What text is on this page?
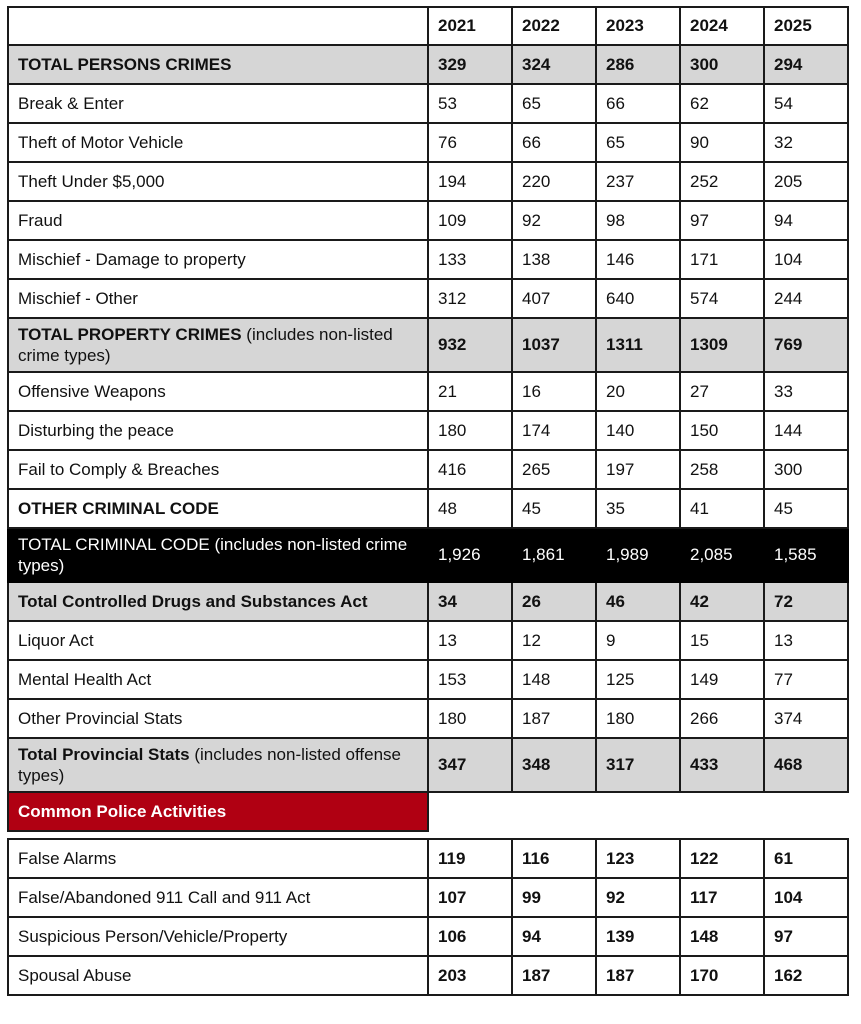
	2021	2022	2023	2024	2025
TOTAL PERSONS CRIMES	329	324	286	300	294
Break & Enter	53	65	66	62	54
Theft of Motor Vehicle	76	66	65	90	32
Theft Under $5,000	194	220	237	252	205
Fraud	109	92	98	97	94
Mischief - Damage to property	133	138	146	171	104
Mischief - Other	312	407	640	574	244
TOTAL PROPERTY CRIMES (includes non-listed crime types)	932	1037	1311	1309	769
Offensive Weapons	21	16	20	27	33
Disturbing the peace	180	174	140	150	144
Fail to Comply & Breaches	416	265	197	258	300
OTHER CRIMINAL CODE	48	45	35	41	45
TOTAL CRIMINAL CODE (includes non-listed crime types)	1,926	1,861	1,989	2,085	1,585
Total Controlled Drugs and Substances Act	34	26	46	42	72
Liquor Act	13	12	9	15	13
Mental Health Act	153	148	125	149	77
Other Provincial Stats	180	187	180	266	374
Total Provincial Stats (includes non-listed offense types)	347	348	317	433	468
Common Police Activities					

False Alarms	119	116	123	122	61
False/Abandoned 911 Call and 911 Act	107	99	92	117	104
Suspicious Person/Vehicle/Property	106	94	139	148	97
Spousal Abuse	203	187	187	170	162
